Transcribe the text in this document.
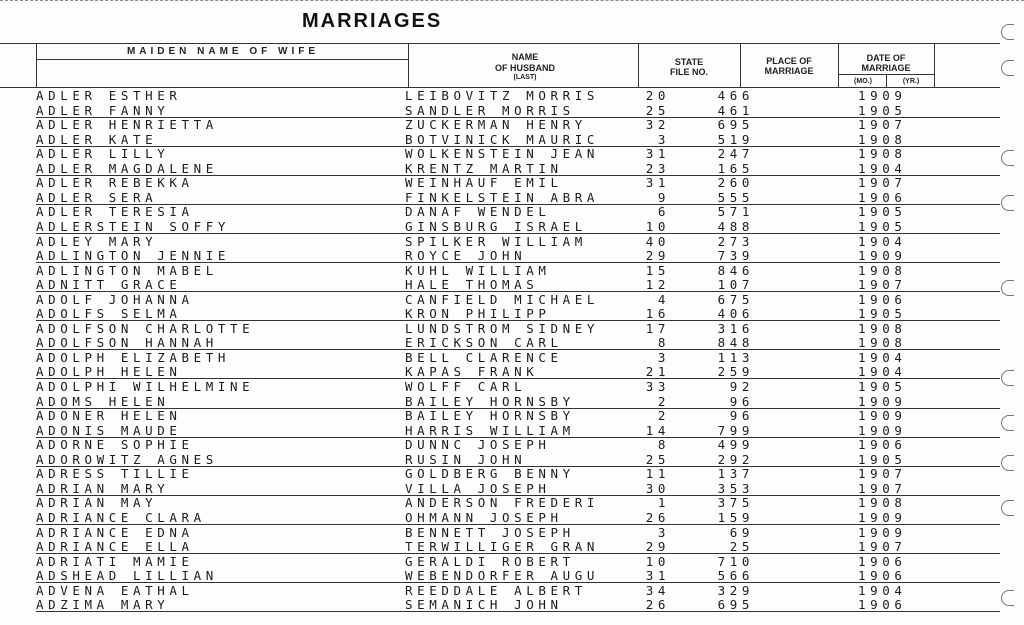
MARRIAGES
MAIDEN NAME OF WIFE	NAME
OF HUSBAND
(LAST)
STATE
FILE NO.
PLACE OF
MARRIAGE
DATE OF
MARRIAGE
(MO.)	(YR.)
ADLER ESTHER	LEIBOVITZ MORRIS	20	466	1909
ADLER FANNY	SANDLER MORRIS	25	461	1905
ADLER HENRIETTA	ZUCKERMAN HENRY	32	695	1907
ADLER KATE	BOTVINICK MAURIC	3	519	1908
ADLER LILLY	WOLKENSTEIN JEAN	31	247	1908
ADLER MAGDALENE	KRENTZ MARTIN	23	165	1904
ADLER REBEKKA	WEINHAUF EMIL	31	260	1907
ADLER SERA	FINKELSTEIN ABRA	9	555	1906
ADLER TERESIA	DANAF WENDEL	6	571	1905
ADLERSTEIN SOFFY	GINSBURG ISRAEL	10	488	1905
ADLEY MARY	SPILKER WILLIAM	40	273	1904
ADLINGTON JENNIE	ROYCE JOHN	29	739	1909
ADLINGTON MABEL	KUHL WILLIAM	15	846	1908
ADNITT GRACE	HALE THOMAS	12	107	1907
ADOLF JOHANNA	CANFIELD MICHAEL	4	675	1906
ADOLFS SELMA	KRON PHILIPP	16	406	1905
ADOLFSON CHARLOTTE	LUNDSTROM SIDNEY	17	316	1908
ADOLFSON HANNAH	ERICKSON CARL	8	848	1908
ADOLPH ELIZABETH	BELL CLARENCE	3	113	1904
ADOLPH HELEN	KAPAS FRANK	21	259	1904
ADOLPHI WILHELMINE	WOLFF CARL	33	92	1905
ADOMS HELEN	BAILEY HORNSBY	2	96	1909
ADONER HELEN	BAILEY HORNSBY	2	96	1909
ADONIS MAUDE	HARRIS WILLIAM	14	799	1909
ADORNE SOPHIE	DUNNC JOSEPH	8	499	1906
ADOROWITZ AGNES	RUSIN JOHN	25	292	1905
ADRESS TILLIE	GOLDBERG BENNY	11	137	1907
ADRIAN MARY	VILLA JOSEPH	30	353	1907
ADRIAN MAY	ANDERSON FREDERI	1	375	1908
ADRIANCE CLARA	OHMANN JOSEPH	26	159	1909
ADRIANCE EDNA	BENNETT JOSEPH	3	69	1909
ADRIANCE ELLA	TERWILLIGER GRAN	29	25	1907
ADRIATI MAMIE	GERALDI ROBERT	10	710	1906
ADSHEAD LILLIAN	WEBENDORFER AUGU	31	566	1906
ADVENA EATHAL	REEDDALE ALBERT	34	329	1904
ADZIMA MARY	SEMANICH JOHN	26	695	1906
